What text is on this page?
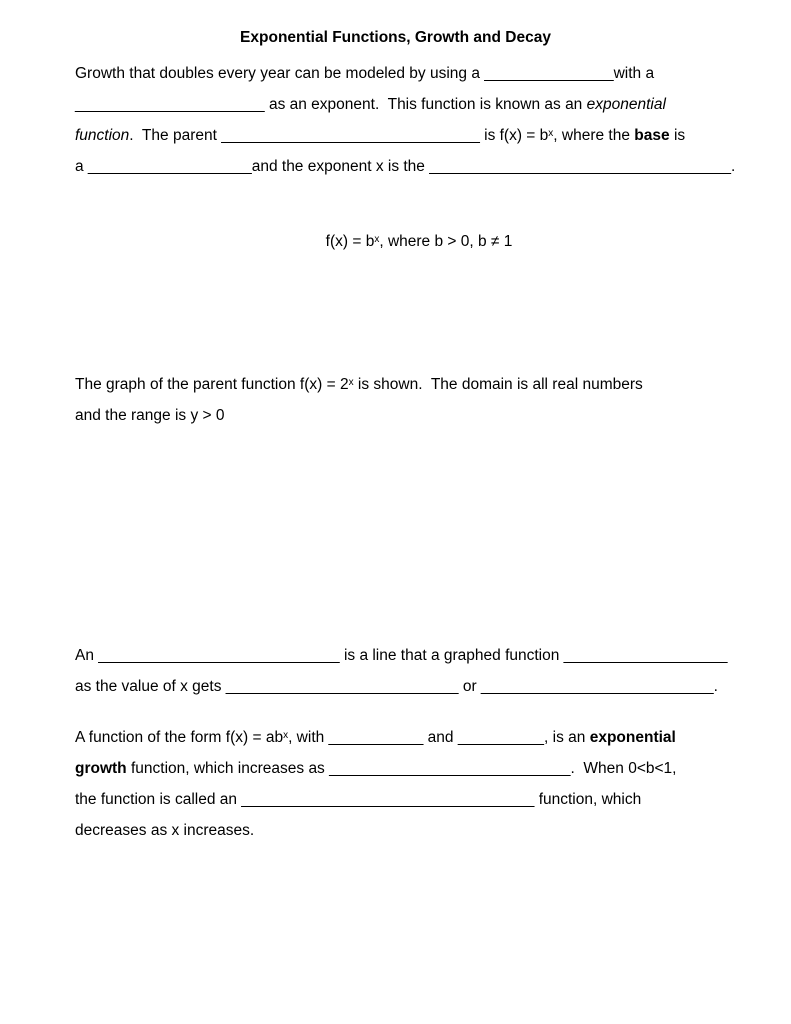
Exponential Functions, Growth and Decay
Growth that doubles every year can be modeled by using a _______________with a
______________________ as an exponent.  This function is known as an exponential
function.  The parent ______________________________ is $f(x) = b^x$, where the base is
a ___________________and the exponent x is the ___________________________________.
$f(x) = b^x$, where b > 0, b ≠ 1
The graph of the parent function $f(x) = 2^x$ is shown.  The domain is all real numbers
and the range is y > 0
An ____________________________ is a line that a graphed function ___________________
as the value of x gets ___________________________ or ___________________________.
A function of the form $f(x) = ab^x$, with ___________ and __________, is an exponential
growth function, which increases as ____________________________.  When 0<b<1,
the function is called an __________________________________ function, which
decreases as x increases.
